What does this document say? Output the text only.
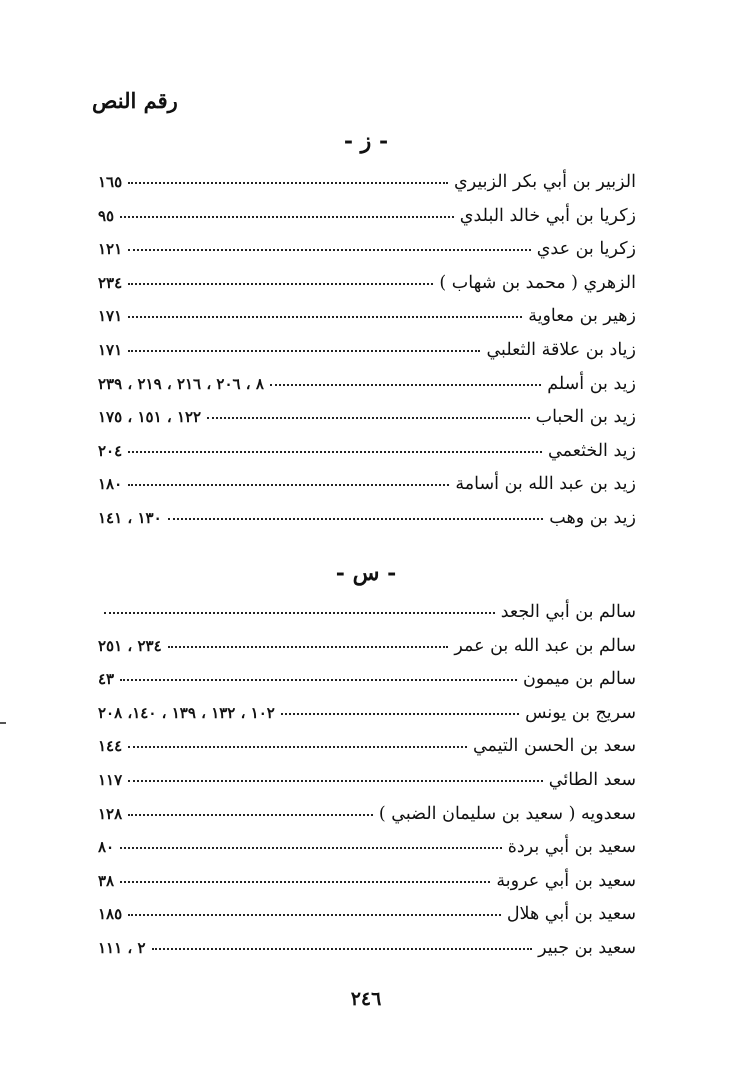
رقم النص
- ز -
الزبير بن أبي بكر الزبيري
١٦٥
زكريا بن أبي خالد البلدي
٩٥
زكريا بن عدي
١٢١
الزهري ( محمد بن شهاب )
٢٣٤
زهير بن معاوية
١٧١
زياد بن علاقة الثعلبي
١٧١
زيد بن أسلم
٨ ، ٢٠٦ ، ٢١٦ ، ٢١٩ ، ٢٣٩
زيد بن الحباب
١٢٢ ، ١٥١ ، ١٧٥
زيد الخثعمي
٢٠٤
زيد بن عبد الله بن أسامة
١٨٠
زيد بن وهب
١٣٠ ، ١٤١
- س -
سالم بن أبي الجعد
سالم بن عبد الله بن عمر
٢٣٤ ، ٢٥١
سالم بن ميمون
٤٣
سريج بن يونس
١٠٢ ، ١٣٢ ، ١٣٩ ، ١٤٠، ٢٠٨
سعد بن الحسن التيمي
١٤٤
سعد الطائي
١١٧
سعدويه ( سعيد بن سليمان الضبي )
١٢٨
سعيد بن أبي بردة
٨٠
سعيد بن أبي عروبة
٣٨
سعيد بن أبي هلال
١٨٥
سعيد بن جبير
٢ ، ١١١
٢٤٦
